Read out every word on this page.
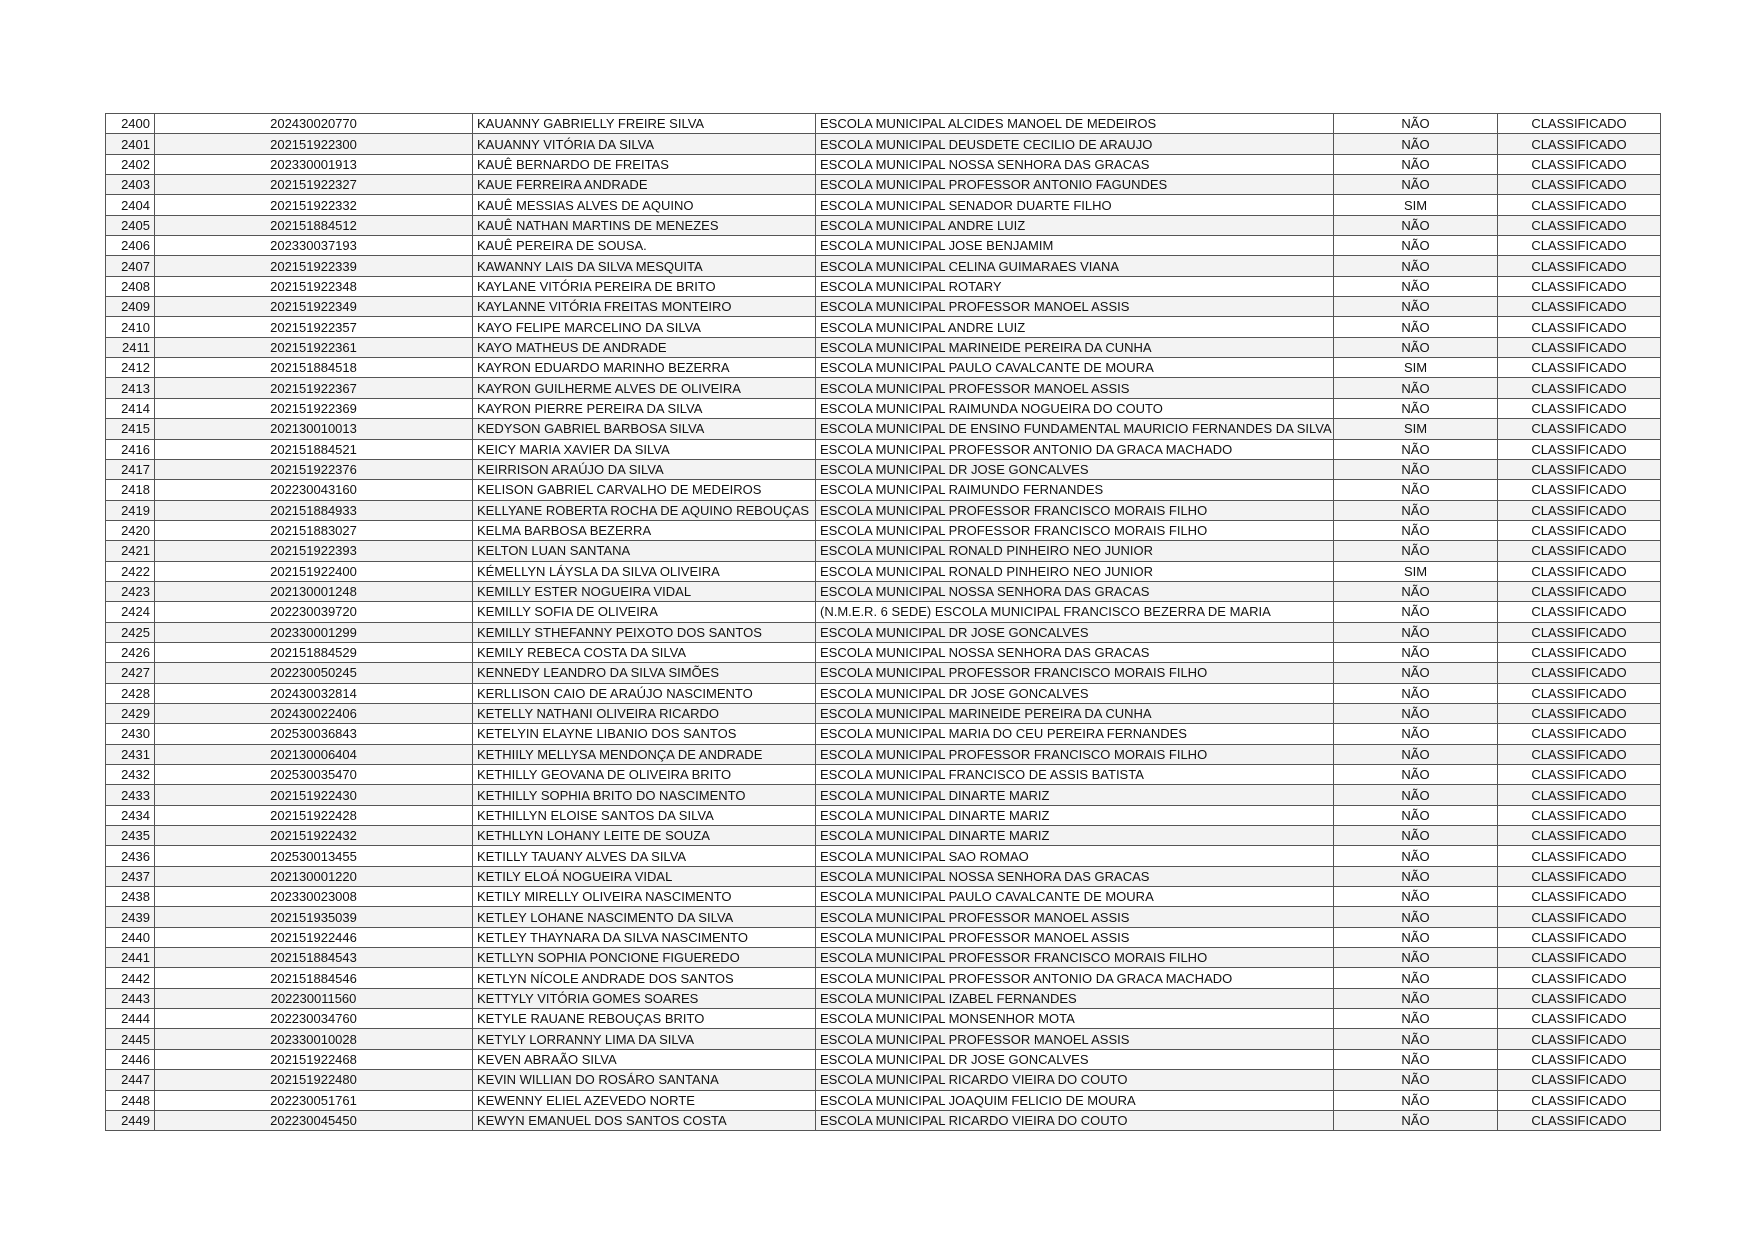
2400	202430020770	KAUANNY GABRIELLY FREIRE SILVA	ESCOLA MUNICIPAL ALCIDES MANOEL DE MEDEIROS	NÃO	CLASSIFICADO
2401	202151922300	KAUANNY VITÓRIA DA SILVA	ESCOLA MUNICIPAL DEUSDETE CECILIO DE ARAUJO	NÃO	CLASSIFICADO
2402	202330001913	KAUÊ BERNARDO DE FREITAS	ESCOLA MUNICIPAL NOSSA SENHORA DAS GRACAS	NÃO	CLASSIFICADO
2403	202151922327	KAUE FERREIRA ANDRADE	ESCOLA MUNICIPAL PROFESSOR ANTONIO FAGUNDES	NÃO	CLASSIFICADO
2404	202151922332	KAUÊ MESSIAS ALVES DE AQUINO	ESCOLA MUNICIPAL SENADOR DUARTE FILHO	SIM	CLASSIFICADO
2405	202151884512	KAUÊ NATHAN MARTINS DE MENEZES	ESCOLA MUNICIPAL ANDRE LUIZ	NÃO	CLASSIFICADO
2406	202330037193	KAUÊ PEREIRA DE SOUSA.	ESCOLA MUNICIPAL JOSE BENJAMIM	NÃO	CLASSIFICADO
2407	202151922339	KAWANNY LAIS DA SILVA MESQUITA	ESCOLA MUNICIPAL CELINA GUIMARAES VIANA	NÃO	CLASSIFICADO
2408	202151922348	KAYLANE VITÓRIA PEREIRA DE BRITO	ESCOLA MUNICIPAL ROTARY	NÃO	CLASSIFICADO
2409	202151922349	KAYLANNE VITÓRIA FREITAS MONTEIRO	ESCOLA MUNICIPAL PROFESSOR MANOEL ASSIS	NÃO	CLASSIFICADO
2410	202151922357	KAYO FELIPE MARCELINO DA SILVA	ESCOLA MUNICIPAL ANDRE LUIZ	NÃO	CLASSIFICADO
2411	202151922361	KAYO MATHEUS DE ANDRADE	ESCOLA MUNICIPAL MARINEIDE PEREIRA DA CUNHA	NÃO	CLASSIFICADO
2412	202151884518	KAYRON EDUARDO MARINHO BEZERRA	ESCOLA MUNICIPAL PAULO CAVALCANTE DE MOURA	SIM	CLASSIFICADO
2413	202151922367	KAYRON GUILHERME ALVES DE OLIVEIRA	ESCOLA MUNICIPAL PROFESSOR MANOEL ASSIS	NÃO	CLASSIFICADO
2414	202151922369	KAYRON PIERRE PEREIRA DA SILVA	ESCOLA MUNICIPAL RAIMUNDA NOGUEIRA DO COUTO	NÃO	CLASSIFICADO
2415	202130010013	KEDYSON GABRIEL BARBOSA SILVA	ESCOLA MUNICIPAL DE ENSINO FUNDAMENTAL MAURICIO FERNANDES DA SILVA	SIM	CLASSIFICADO
2416	202151884521	KEICY MARIA XAVIER DA SILVA	ESCOLA MUNICIPAL PROFESSOR ANTONIO DA GRACA MACHADO	NÃO	CLASSIFICADO
2417	202151922376	KEIRRISON ARAÚJO DA SILVA	ESCOLA MUNICIPAL DR JOSE GONCALVES	NÃO	CLASSIFICADO
2418	202230043160	KELISON GABRIEL CARVALHO DE MEDEIROS	ESCOLA MUNICIPAL RAIMUNDO FERNANDES	NÃO	CLASSIFICADO
2419	202151884933	KELLYANE ROBERTA ROCHA DE AQUINO REBOUÇAS	ESCOLA MUNICIPAL PROFESSOR FRANCISCO MORAIS FILHO	NÃO	CLASSIFICADO
2420	202151883027	KELMA BARBOSA BEZERRA	ESCOLA MUNICIPAL PROFESSOR FRANCISCO MORAIS FILHO	NÃO	CLASSIFICADO
2421	202151922393	KELTON LUAN SANTANA	ESCOLA MUNICIPAL RONALD PINHEIRO NEO JUNIOR	NÃO	CLASSIFICADO
2422	202151922400	KÉMELLYN LÁYSLA DA SILVA OLIVEIRA	ESCOLA MUNICIPAL RONALD PINHEIRO NEO JUNIOR	SIM	CLASSIFICADO
2423	202130001248	KEMILLY ESTER NOGUEIRA VIDAL	ESCOLA MUNICIPAL NOSSA SENHORA DAS GRACAS	NÃO	CLASSIFICADO
2424	202230039720	KEMILLY SOFIA DE OLIVEIRA	(N.M.E.R. 6 SEDE) ESCOLA MUNICIPAL FRANCISCO BEZERRA DE MARIA	NÃO	CLASSIFICADO
2425	202330001299	KEMILLY STHEFANNY PEIXOTO DOS SANTOS	ESCOLA MUNICIPAL DR JOSE GONCALVES	NÃO	CLASSIFICADO
2426	202151884529	KEMILY REBECA COSTA DA SILVA	ESCOLA MUNICIPAL NOSSA SENHORA DAS GRACAS	NÃO	CLASSIFICADO
2427	202230050245	KENNEDY LEANDRO DA SILVA SIMÕES	ESCOLA MUNICIPAL PROFESSOR FRANCISCO MORAIS FILHO	NÃO	CLASSIFICADO
2428	202430032814	KERLLISON CAIO DE ARAÚJO NASCIMENTO	ESCOLA MUNICIPAL DR JOSE GONCALVES	NÃO	CLASSIFICADO
2429	202430022406	KETELLY NATHANI OLIVEIRA RICARDO	ESCOLA MUNICIPAL MARINEIDE PEREIRA DA CUNHA	NÃO	CLASSIFICADO
2430	202530036843	KETELYIN ELAYNE LIBANIO DOS SANTOS	ESCOLA MUNICIPAL MARIA DO CEU PEREIRA FERNANDES	NÃO	CLASSIFICADO
2431	202130006404	KETHIILY MELLYSA MENDONÇA DE ANDRADE	ESCOLA MUNICIPAL PROFESSOR FRANCISCO MORAIS FILHO	NÃO	CLASSIFICADO
2432	202530035470	KETHILLY GEOVANA DE OLIVEIRA BRITO	ESCOLA MUNICIPAL FRANCISCO DE ASSIS BATISTA	NÃO	CLASSIFICADO
2433	202151922430	KETHILLY SOPHIA BRITO DO NASCIMENTO	ESCOLA MUNICIPAL DINARTE MARIZ	NÃO	CLASSIFICADO
2434	202151922428	KETHILLYN ELOISE SANTOS DA SILVA	ESCOLA MUNICIPAL DINARTE MARIZ	NÃO	CLASSIFICADO
2435	202151922432	KETHLLYN LOHANY LEITE DE SOUZA	ESCOLA MUNICIPAL DINARTE MARIZ	NÃO	CLASSIFICADO
2436	202530013455	KETILLY TAUANY ALVES DA SILVA	ESCOLA MUNICIPAL SAO ROMAO	NÃO	CLASSIFICADO
2437	202130001220	KETILY ELOÁ NOGUEIRA VIDAL	ESCOLA MUNICIPAL NOSSA SENHORA DAS GRACAS	NÃO	CLASSIFICADO
2438	202330023008	KETILY MIRELLY OLIVEIRA NASCIMENTO	ESCOLA MUNICIPAL PAULO CAVALCANTE DE MOURA	NÃO	CLASSIFICADO
2439	202151935039	KETLEY LOHANE NASCIMENTO DA SILVA	ESCOLA MUNICIPAL PROFESSOR MANOEL ASSIS	NÃO	CLASSIFICADO
2440	202151922446	KETLEY THAYNARA DA SILVA NASCIMENTO	ESCOLA MUNICIPAL PROFESSOR MANOEL ASSIS	NÃO	CLASSIFICADO
2441	202151884543	KETLLYN SOPHIA PONCIONE FIGUEREDO	ESCOLA MUNICIPAL PROFESSOR FRANCISCO MORAIS FILHO	NÃO	CLASSIFICADO
2442	202151884546	KETLYN NÍCOLE ANDRADE DOS SANTOS	ESCOLA MUNICIPAL PROFESSOR ANTONIO DA GRACA MACHADO	NÃO	CLASSIFICADO
2443	202230011560	KETTYLY VITÓRIA GOMES SOARES	ESCOLA MUNICIPAL IZABEL FERNANDES	NÃO	CLASSIFICADO
2444	202230034760	KETYLE RAUANE REBOUÇAS BRITO	ESCOLA MUNICIPAL MONSENHOR MOTA	NÃO	CLASSIFICADO
2445	202330010028	KETYLY LORRANNY LIMA DA SILVA	ESCOLA MUNICIPAL PROFESSOR MANOEL ASSIS	NÃO	CLASSIFICADO
2446	202151922468	KEVEN ABRAÃO SILVA	ESCOLA MUNICIPAL DR JOSE GONCALVES	NÃO	CLASSIFICADO
2447	202151922480	KEVIN WILLIAN DO ROSÁRO SANTANA	ESCOLA MUNICIPAL RICARDO VIEIRA DO COUTO	NÃO	CLASSIFICADO
2448	202230051761	KEWENNY ELIEL AZEVEDO NORTE	ESCOLA MUNICIPAL JOAQUIM FELICIO DE MOURA	NÃO	CLASSIFICADO
2449	202230045450	KEWYN EMANUEL DOS SANTOS COSTA	ESCOLA MUNICIPAL RICARDO VIEIRA DO COUTO	NÃO	CLASSIFICADO
